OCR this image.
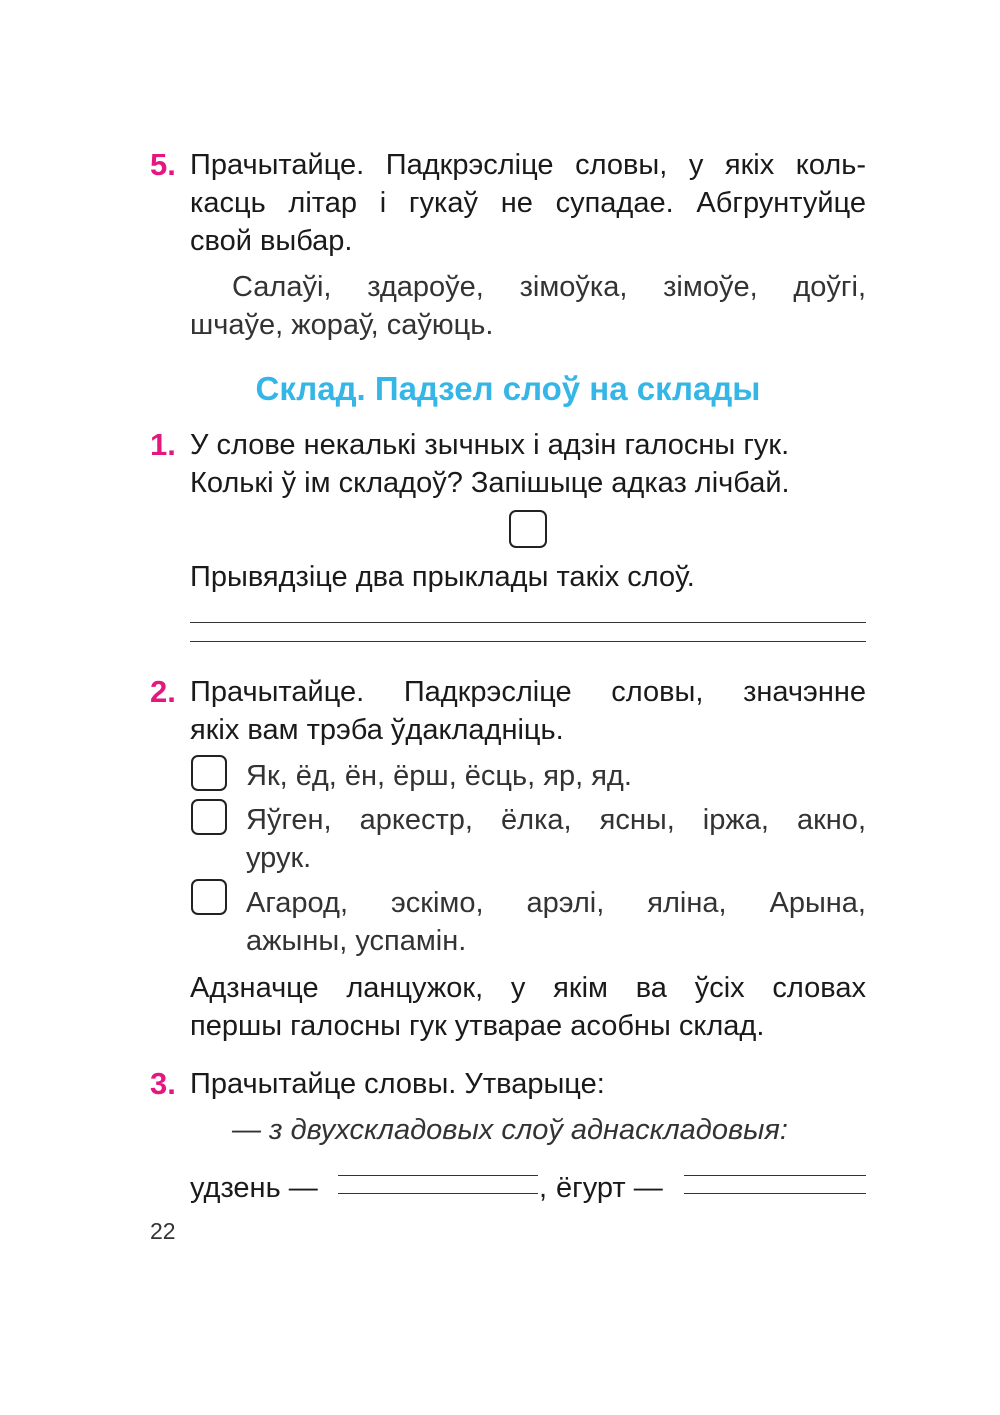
5. Прачытайце. Падкрэсліце словы, у якіх коль-

касць літар і гукаў не супадае. Абгрунтуйце

свой выбар.

Салаўі, здароўе, зімоўка, зімоўе, доўгі,

шчаўе, жораў, саўюць.

Склад. Падзел слоў на склады
1. У слове некалькі зычных і адзін галосны гук.

Колькі ў ім складоў? Запішыце адказ лічбай.

Прывядзіце два прыклады такіх слоў.

2. Прачытайце. Падкрэсліце словы, значэнне

якіх вам трэба ўдакладніць.

Як, ёд, ён, ёрш, ёсць, яр, яд.

Яўген, аркестр, ёлка, ясны, іржа, акно,

урук.

Агарод, эскімо, арэлі, яліна, Арына,

ажыны, успамін.

Адзначце ланцужок, у якім ва ўсіх словах

першы галосны гук утварае асобны склад.

3. Прачытайце словы. Утварыце:

— з двухскладовых слоў аднаскладовыя:

удзень —	, ёгурт —

22
